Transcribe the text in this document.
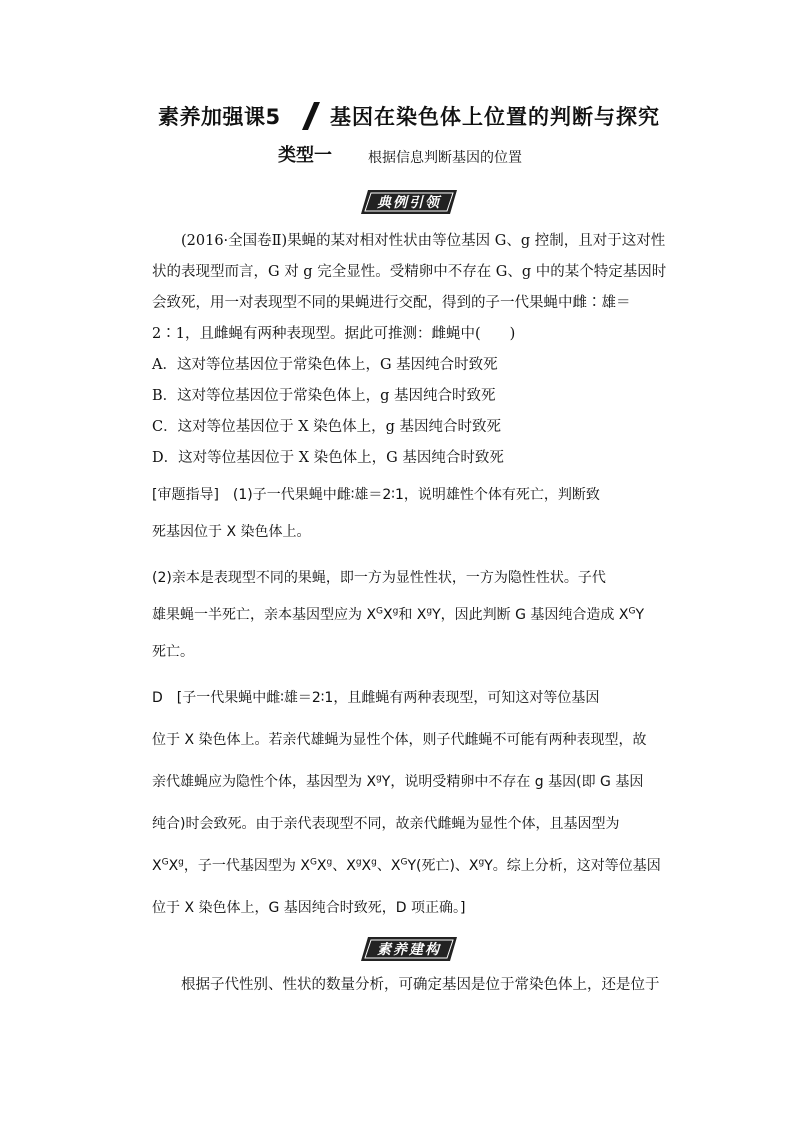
素养加强课5 基因在染色体上位置的判断与探究
类型一	根据信息判断基因的位置
典例引领
(2016·全国卷Ⅱ)果蝇的某对相对性状由等位基因 G、g 控制，且对于这对性
状的表现型而言，G 对 g 完全显性。受精卵中不存在 G、g 中的某个特定基因时
会致死，用一对表现型不同的果蝇进行交配，得到的子一代果蝇中雌∶雄＝
2∶1，且雌蝇有两种表现型。据此可推测：雌蝇中(　　)
A．这对等位基因位于常染色体上，G 基因纯合时致死
B．这对等位基因位于常染色体上，g 基因纯合时致死
C．这对等位基因位于 X 染色体上，g 基因纯合时致死
D．这对等位基因位于 X 染色体上，G 基因纯合时致死
[审题指导]　(1)子一代果蝇中雌∶雄＝2∶1，说明雄性个体有死亡，判断致
死基因位于 X 染色体上。
(2)亲本是表现型不同的果蝇，即一方为显性性状，一方为隐性性状。子代
雄果蝇一半死亡，亲本基因型应为 $X^GX^g$和 $X^gY$，因此判断 G 基因纯合造成 $X^GY$
死亡。
D　[子一代果蝇中雌∶雄＝2∶1，且雌蝇有两种表现型，可知这对等位基因
位于 X 染色体上。若亲代雄蝇为显性个体，则子代雌蝇不可能有两种表现型，故
亲代雄蝇应为隐性个体，基因型为 $X^gY$，说明受精卵中不存在 g 基因(即 G 基因
纯合)时会致死。由于亲代表现型不同，故亲代雌蝇为显性个体，且基因型为
$X^GX^g$，子一代基因型为 $X^GX^g$、$X^gX^g$、$X^GY$(死亡)、$X^gY$。综上分析，这对等位基因
位于 X 染色体上，G 基因纯合时致死，D 项正确。]
素养建构
根据子代性别、性状的数量分析，可确定基因是位于常染色体上，还是位于
